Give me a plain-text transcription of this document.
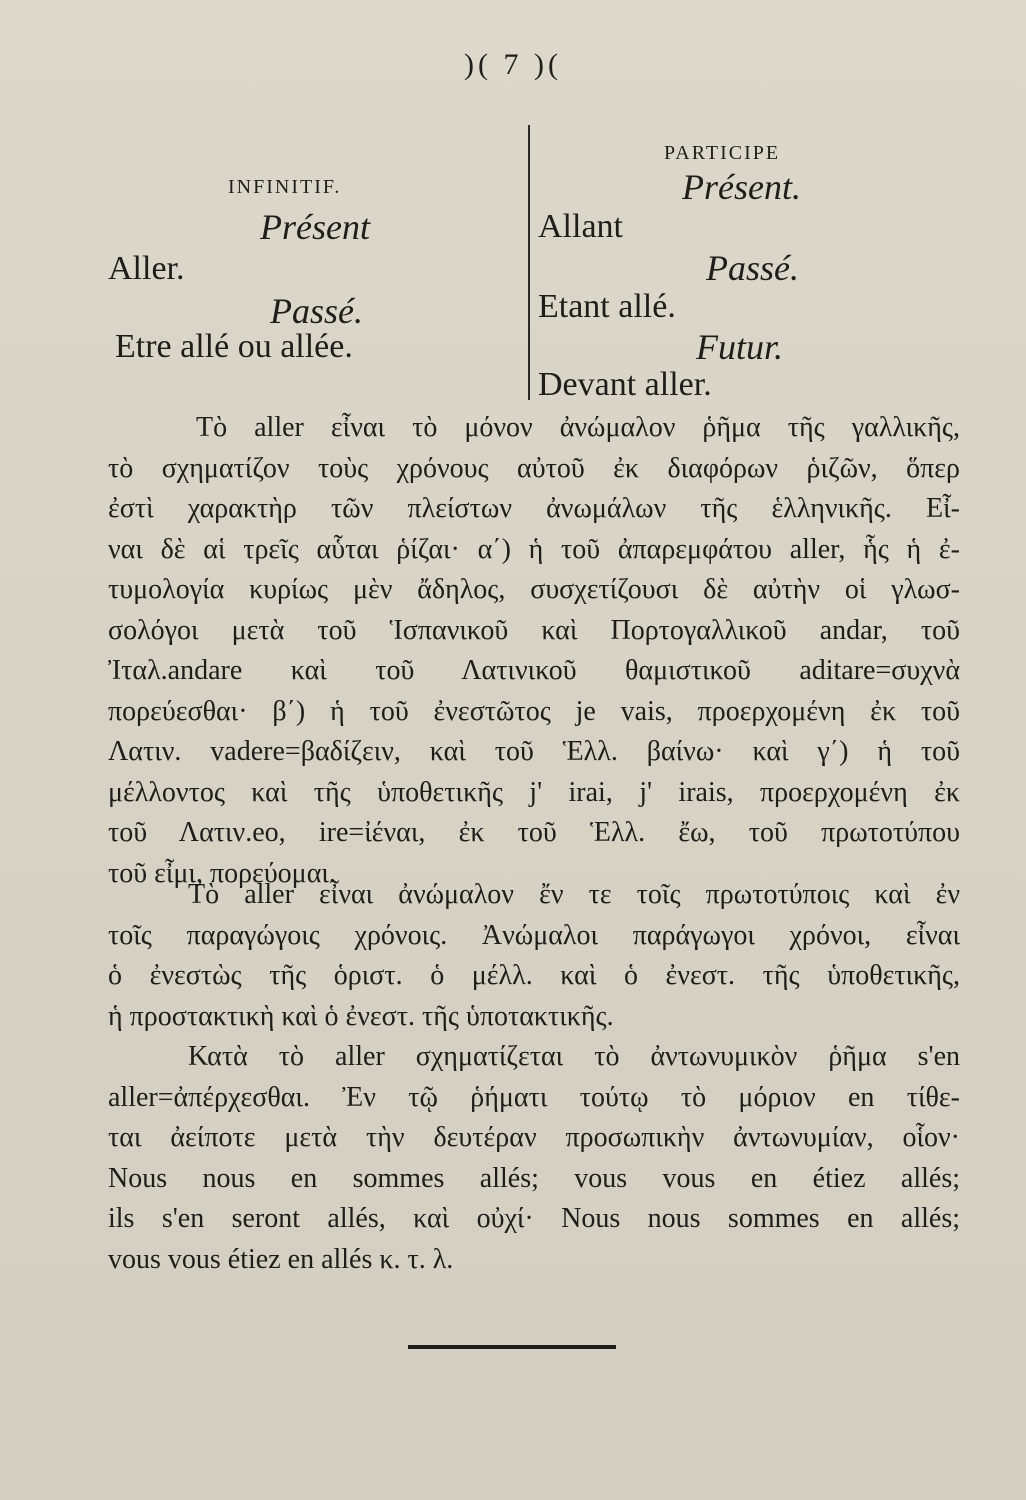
)( 7 )(
INFINITIF.
Présent
Aller.
Passé.
Etre allé ou allée.
PARTICIPE
Présent.
Allant
Passé.
Etant allé.
Futur.
Devant aller.
Τὸ aller εἶναι τὸ μόνον ἀνώμαλον ῥῆμα τῆς γαλλικῆς,
τὸ σχηματίζον τοὺς χρόνους αὐτοῦ ἐκ διαφόρων ῥιζῶν, ὅπερ
ἐστὶ χαρακτὴρ τῶν πλείστων ἀνωμάλων τῆς ἑλληνικῆς. Εἶ-
ναι δὲ αἱ τρεῖς αὗται ῥίζαι· α΄) ἡ τοῦ ἀπαρεμφάτου aller, ἧς ἡ ἐ-
τυμολογία κυρίως μὲν ἄδηλος, συσχετίζουσι δὲ αὐτὴν οἱ γλωσ-
σολόγοι μετὰ τοῦ Ἱσπανικοῦ καὶ Πορτογαλλικοῦ andar, τοῦ
Ἰταλ.andare καὶ τοῦ Λατινικοῦ θαμιστικοῦ aditare=συχνὰ
πορεύεσθαι· β΄) ἡ τοῦ ἐνεστῶτος je vais, προερχομένη ἐκ τοῦ
Λατιν. vadere=βαδίζειν, καὶ τοῦ Ἑλλ. βαίνω· καὶ γ΄) ἡ τοῦ
μέλλοντος καὶ τῆς ὑποθετικῆς j' irai, j' irais, προερχομένη ἐκ
τοῦ Λατιν.eo, ire=ἰέναι, ἐκ τοῦ Ἑλλ. ἔω, τοῦ πρωτοτύπου
τοῦ εἶμι, πορεύομαι.
Τὸ aller εἶναι ἀνώμαλον ἔν τε τοῖς πρωτοτύποις καὶ ἐν
τοῖς παραγώγοις χρόνοις. Ἀνώμαλοι παράγωγοι χρόνοι, εἶναι
ὁ ἐνεστὼς τῆς ὁριστ. ὁ μέλλ. καὶ ὁ ἐνεστ. τῆς ὑποθετικῆς,
ἡ προστακτικὴ καὶ ὁ ἐνεστ. τῆς ὑποτακτικῆς.
Κατὰ τὸ aller σχηματίζεται τὸ ἀντωνυμικὸν ῥῆμα s'en
aller=ἀπέρχεσθαι. Ἐν τῷ ῥήματι τούτῳ τὸ μόριον en τίθε-
ται ἀείποτε μετὰ τὴν δευτέραν προσωπικὴν ἀντωνυμίαν, οἷον·
Nous nous en sommes allés; vous vous en étiez allés;
ils s'en seront allés, καὶ οὐχί· Nous nous sommes en allés;
vous vous étiez en allés κ. τ. λ.
